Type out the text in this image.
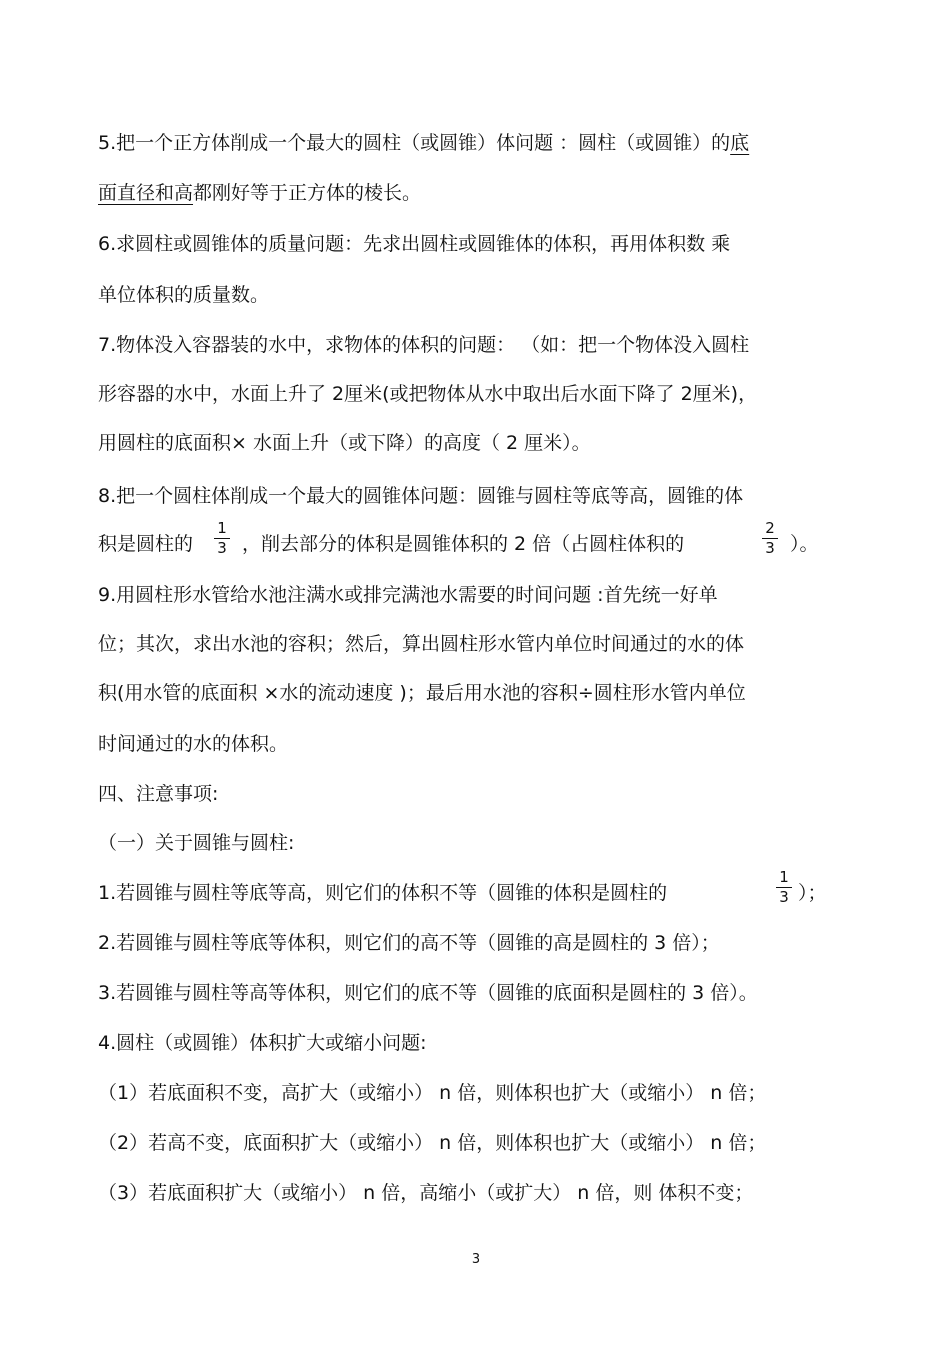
5.把一个正方体削成一个最大的圆柱（或圆锥）体问题 ：圆柱（或圆锥）的底
面直径和高都刚好等于正方体的棱长。
6.求圆柱或圆锥体的质量问题：先求出圆柱或圆锥体的体积，再用体积数 乘
单位体积的质量数。
7.物体没入容器装的水中，求物体的体积的问题： （如：把一个物体没入圆柱
形容器的水中，水面上升了 2厘米(或把物体从水中取出后水面下降了 2厘米)，
用圆柱的底面积× 水面上升（或下降）的高度（ 2 厘米）。
8.把一个圆柱体削成一个最大的圆锥体问题：圆锥与圆柱等底等高，圆锥的体
积是圆柱的 $\frac{1}{3}$ ，削去部分的体积是圆锥体积的 2 倍（占圆柱体积的	$\frac{2}{3}$ ）。
9.用圆柱形水管给水池注满水或排完满池水需要的时间问题 :首先统一好单
位；其次，求出水池的容积；然后，算出圆柱形水管内单位时间通过的水的体
积(用水管的底面积 ×水的流动速度 )；最后用水池的容积÷圆柱形水管内单位
时间通过的水的体积。
四、注意事项:
（一）关于圆锥与圆柱:
1.若圆锥与圆柱等底等高，则它们的体积不等（圆锥的体积是圆柱的	$\frac{1}{3}$ ）；
2.若圆锥与圆柱等底等体积，则它们的高不等（圆锥的高是圆柱的 3 倍）；
3.若圆锥与圆柱等高等体积，则它们的底不等（圆锥的底面积是圆柱的 3 倍）。
4.圆柱（或圆锥）体积扩大或缩小问题:
（1）若底面积不变，高扩大（或缩小） n 倍，则体积也扩大（或缩小） n 倍；
（2）若高不变，底面积扩大（或缩小） n 倍，则体积也扩大（或缩小） n 倍；
（3）若底面积扩大（或缩小） n 倍，高缩小（或扩大） n 倍，则 体积不变；
3
